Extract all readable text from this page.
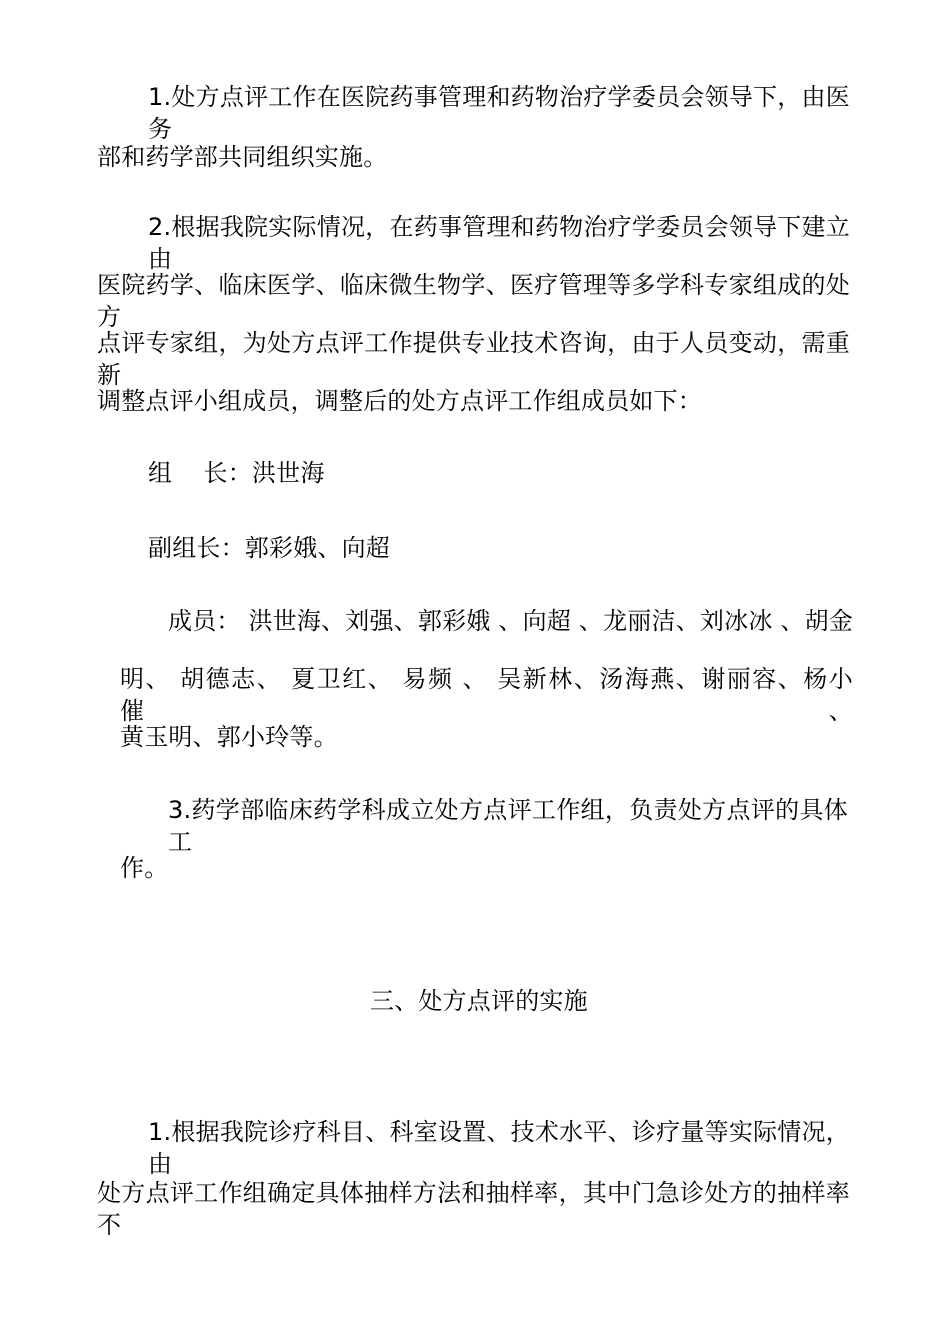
1.处方点评工作在医院药事管理和药物治疗学委员会领导下，由医务
部和药学部共同组织实施。
2.根据我院实际情况，在药事管理和药物治疗学委员会领导下建立由
医院药学、临床医学、临床微生物学、医疗管理等多学科专家组成的处方
点评专家组，为处方点评工作提供专业技术咨询，由于人员变动，需重新
调整点评小组成员，调整后的处方点评工作组成员如下：
组    长：洪世海
副组长：郭彩娥、向超
成员： 洪世海、刘强、郭彩娥 、向超 、龙丽洁、刘冰冰 、胡金
明、 胡德志、 夏卫红、 易频 、 吴新林、汤海燕、谢丽容、杨小催、
黄玉明、郭小玲等。
3.药学部临床药学科成立处方点评工作组，负责处方点评的具体工
作。
三、处方点评的实施
1.根据我院诊疗科目、科室设置、技术水平、诊疗量等实际情况，由
处方点评工作组确定具体抽样方法和抽样率，其中门急诊处方的抽样率不
